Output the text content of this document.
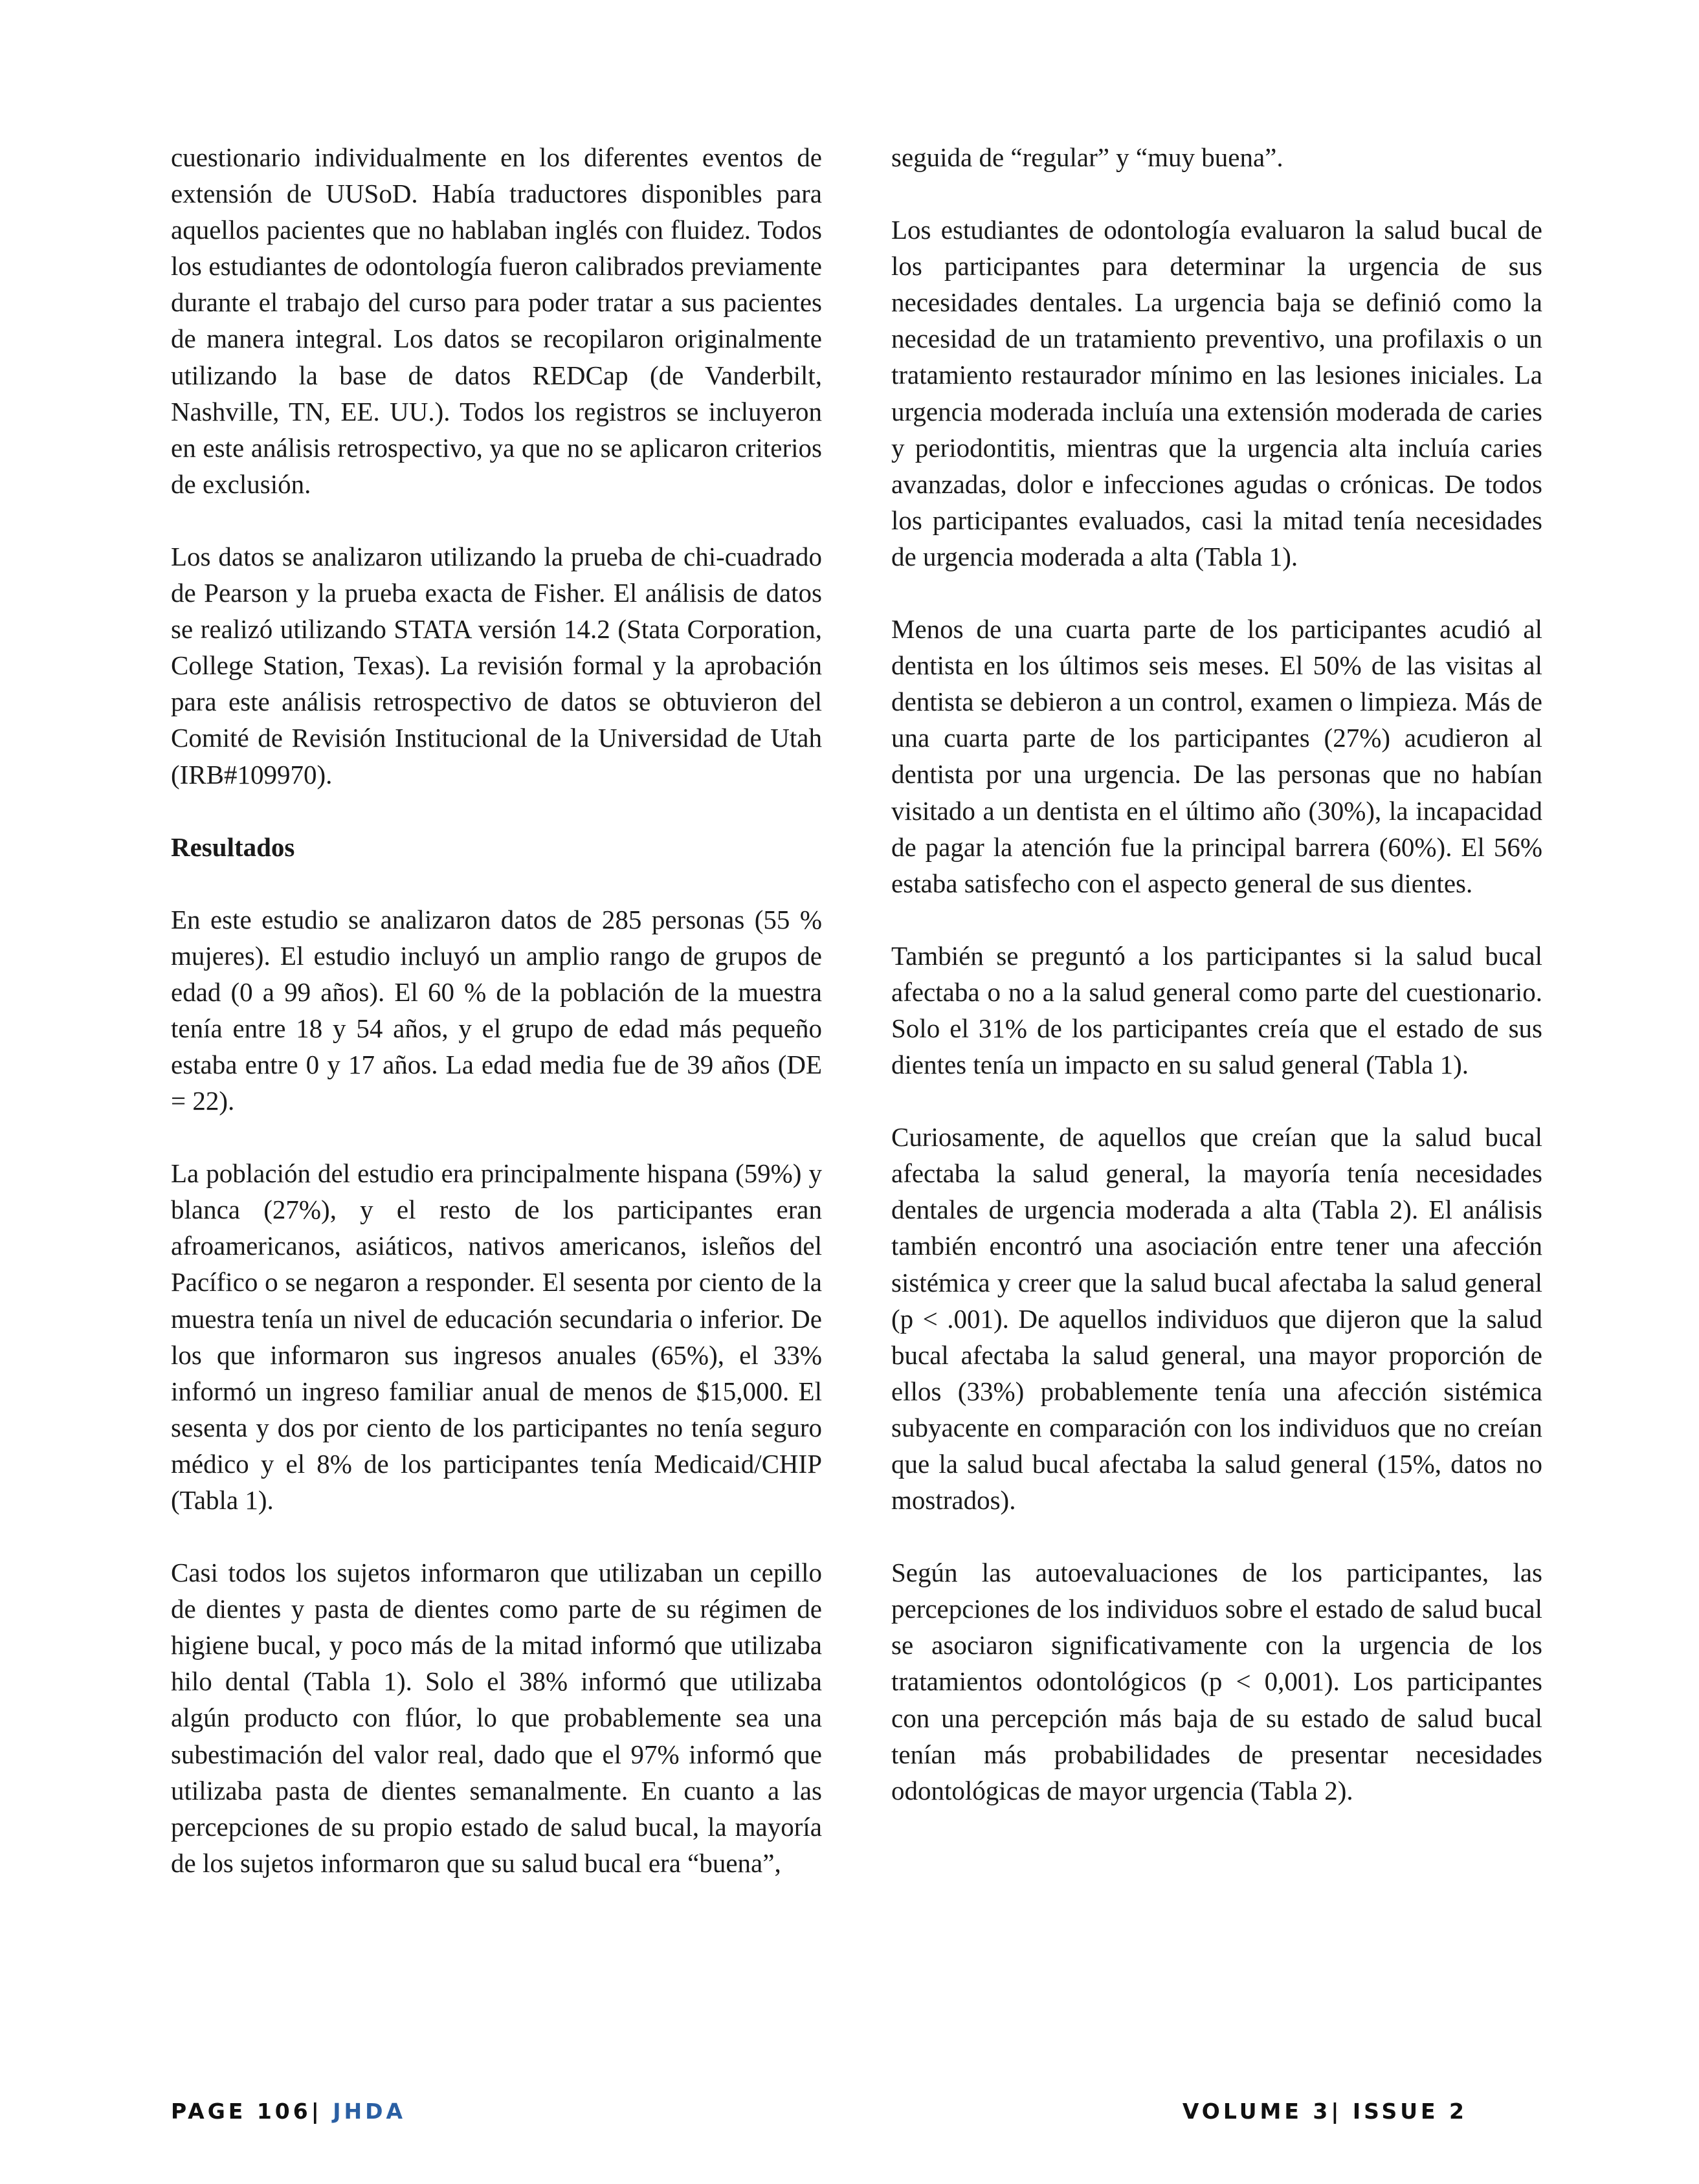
cuestionario individualmente en los diferentes eventos de extensión de UUSoD. Había traductores disponibles para aquellos pacientes que no hablaban inglés con fluidez. Todos los estudiantes de odontología fueron calibrados previamente durante el trabajo del curso para poder tratar a sus pacientes de manera integral. Los datos se recopilaron originalmente utilizando la base de datos REDCap (de Vanderbilt, Nashville, TN, EE. UU.). Todos los registros se incluyeron en este análisis retrospectivo, ya que no se aplicaron criterios de exclusión.

Los datos se analizaron utilizando la prueba de chi-cuadrado de Pearson y la prueba exacta de Fisher. El análisis de datos se realizó utilizando STATA versión 14.2 (Stata Corporation, College Station, Texas). La revisión formal y la aprobación para este análisis retrospectivo de datos se obtuvieron del Comité de Revisión Institucional de la Universidad de Utah (IRB#109970).

Resultados

En este estudio se analizaron datos de 285 personas (55 % mujeres). El estudio incluyó un amplio rango de grupos de edad (0 a 99 años). El 60 % de la población de la muestra tenía entre 18 y 54 años, y el grupo de edad más pequeño estaba entre 0 y 17 años. La edad media fue de 39 años (DE = 22).

La población del estudio era principalmente hispana (59%) y blanca (27%), y el resto de los participantes eran afroamericanos, asiáticos, nativos americanos, isleños del Pacífico o se negaron a responder. El sesenta por ciento de la muestra tenía un nivel de educación secundaria o inferior. De los que informaron sus ingresos anuales (65%), el 33% informó un ingreso familiar anual de menos de $15,000. El sesenta y dos por ciento de los participantes no tenía seguro médico y el 8% de los participantes tenía Medicaid/CHIP (Tabla 1).

Casi todos los sujetos informaron que utilizaban un cepillo de dientes y pasta de dientes como parte de su régimen de higiene bucal, y poco más de la mitad informó que utilizaba hilo dental (Tabla 1). Solo el 38% informó que utilizaba algún producto con flúor, lo que probablemente sea una subestimación del valor real, dado que el 97% informó que utilizaba pasta de dientes semanalmente. En cuanto a las percepciones de su propio estado de salud bucal, la mayoría de los sujetos informaron que su salud bucal era “buena”,

seguida de “regular” y “muy buena”.

Los estudiantes de odontología evaluaron la salud bucal de los participantes para determinar la urgencia de sus necesidades dentales. La urgencia baja se definió como la necesidad de un tratamiento preventivo, una profilaxis o un tratamiento restaurador mínimo en las lesiones iniciales. La urgencia moderada incluía una extensión moderada de caries y periodontitis, mientras que la urgencia alta incluía caries avanzadas, dolor e infecciones agudas o crónicas. De todos los participantes evaluados, casi la mitad tenía necesidades de urgencia moderada a alta (Tabla 1).

Menos de una cuarta parte de los participantes acudió al dentista en los últimos seis meses. El 50% de las visitas al dentista se debieron a un control, examen o limpieza. Más de una cuarta parte de los participantes (27%) acudieron al dentista por una urgencia. De las personas que no habían visitado a un dentista en el último año (30%), la incapacidad de pagar la atención fue la principal barrera (60%). El 56% estaba satisfecho con el aspecto general de sus dientes.

También se preguntó a los participantes si la salud bucal afectaba o no a la salud general como parte del cuestionario. Solo el 31% de los participantes creía que el estado de sus dientes tenía un impacto en su salud general (Tabla 1).

Curiosamente, de aquellos que creían que la salud bucal afectaba la salud general, la mayoría tenía necesidades dentales de urgencia moderada a alta (Tabla 2). El análisis también encontró una asociación entre tener una afección sistémica y creer que la salud bucal afectaba la salud general (p < .001). De aquellos individuos que dijeron que la salud bucal afectaba la salud general, una mayor proporción de ellos (33%) probablemente tenía una afección sistémica subyacente en comparación con los individuos que no creían que la salud bucal afectaba la salud general (15%, datos no mostrados).

Según las autoevaluaciones de los participantes, las percepciones de los individuos sobre el estado de salud bucal se asociaron significativamente con la urgencia de los tratamientos odontológicos (p < 0,001). Los participantes con una percepción más baja de su estado de salud bucal tenían más probabilidades de presentar necesidades odontológicas de mayor urgencia (Tabla 2).

PAGE 106| JHDA	VOLUME 3| ISSUE 2
